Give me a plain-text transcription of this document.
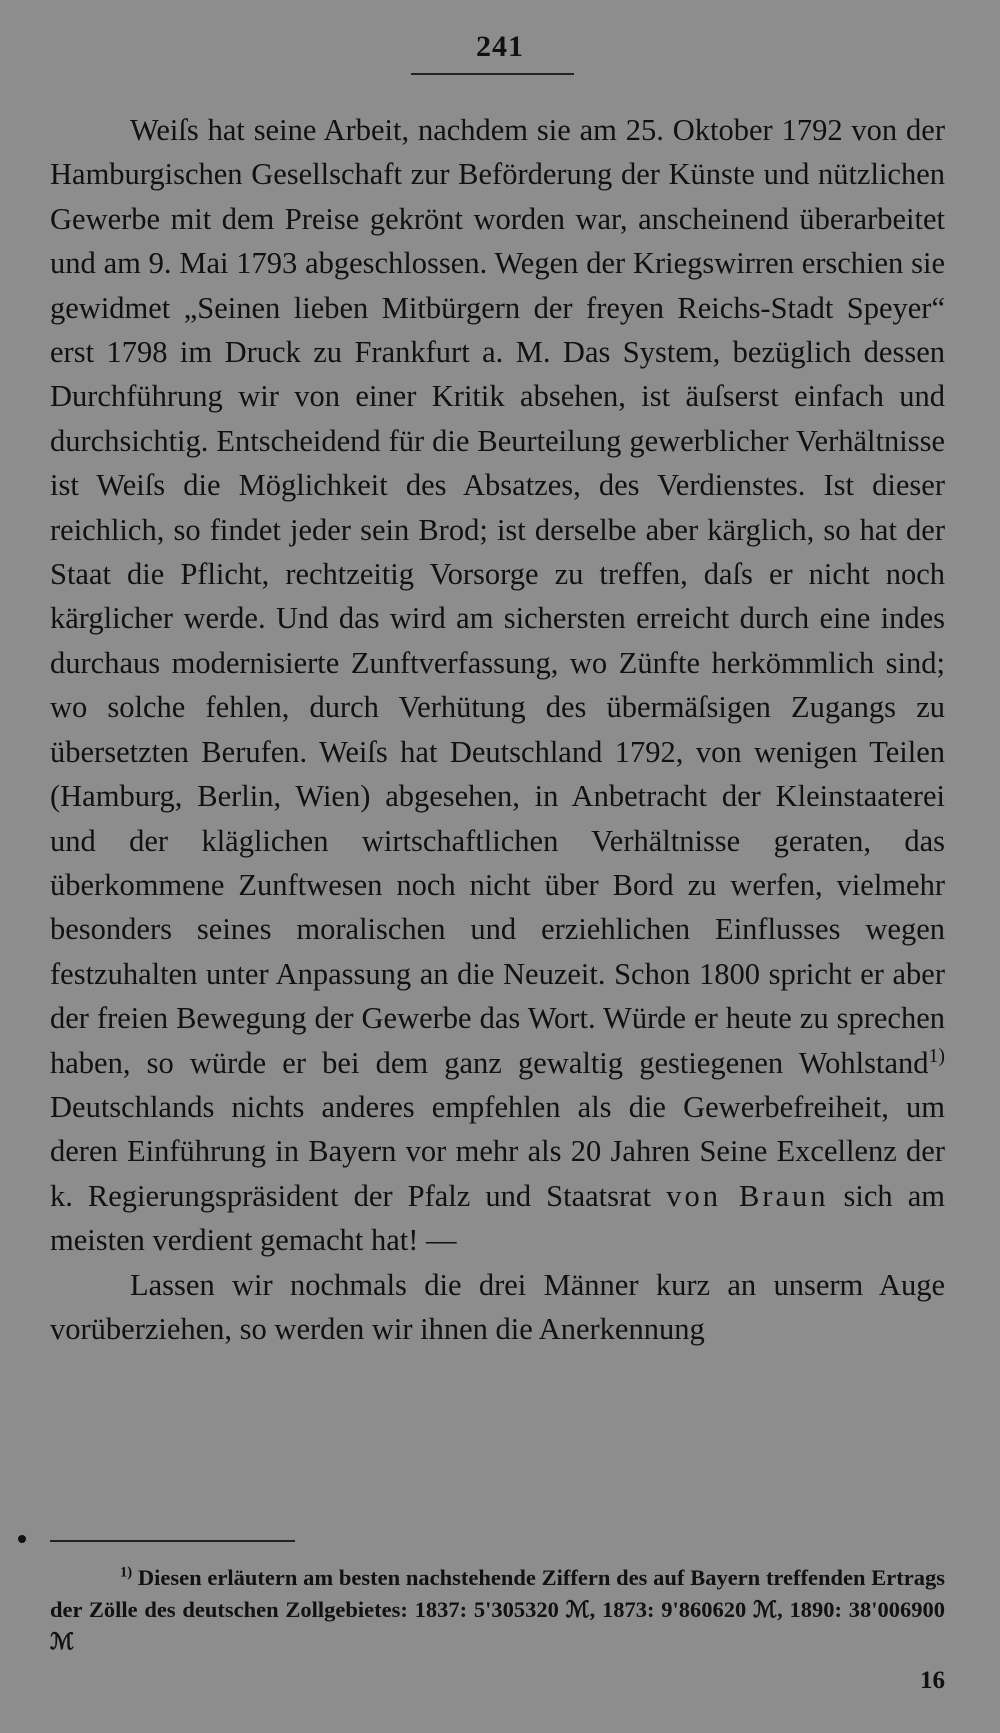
241

Weiſs hat seine Arbeit, nachdem sie am 25. Oktober 1792 von der Hamburgischen Gesellschaft zur Beförderung der Künste und nützlichen Gewerbe mit dem Preise gekrönt worden war, anscheinend überarbeitet und am 9. Mai 1793 abgeschlossen. Wegen der Kriegswirren erschien sie gewidmet „Seinen lieben Mitbürgern der freyen Reichs-Stadt Speyer“ erst 1798 im Druck zu Frankfurt a. M. Das System, bezüglich dessen Durchführung wir von einer Kritik absehen, ist äuſserst einfach und durchsichtig. Entscheidend für die Beurteilung gewerblicher Verhältnisse ist Weiſs die Möglichkeit des Absatzes, des Verdienstes. Ist dieser reichlich, so findet jeder sein Brod; ist derselbe aber kärglich, so hat der Staat die Pflicht, rechtzeitig Vorsorge zu treffen, daſs er nicht noch kärglicher werde. Und das wird am sichersten erreicht durch eine indes durchaus modernisierte Zunftverfassung, wo Zünfte herkömmlich sind; wo solche fehlen, durch Verhütung des übermäſsigen Zugangs zu übersetzten Berufen. Weiſs hat Deutschland 1792, von wenigen Teilen (Hamburg, Berlin, Wien) abgesehen, in Anbetracht der Kleinstaaterei und der kläglichen wirtschaftlichen Verhältnisse geraten, das überkommene Zunftwesen noch nicht über Bord zu werfen, vielmehr besonders seines moralischen und erziehlichen Einflusses wegen festzuhalten unter Anpassung an die Neuzeit. Schon 1800 spricht er aber der freien Bewegung der Gewerbe das Wort. Würde er heute zu sprechen haben, so würde er bei dem ganz gewaltig gestiegenen Wohlstand$^{1)}$ Deutschlands nichts anderes empfehlen als die Gewerbefreiheit, um deren Einführung in Bayern vor mehr als 20 Jahren Seine Excellenz der k. Regierungspräsident der Pfalz und Staatsrat von Braun sich am meisten verdient gemacht hat! —

Lassen wir nochmals die drei Männer kurz an unserm Auge vorüberziehen, so werden wir ihnen die Anerkennung

$^{1)}$ Diesen erläutern am besten nachstehende Ziffern des auf Bayern treffenden Ertrags der Zölle des deutschen Zollgebietes: 1837: 5'305320 ℳ, 1873: 9'860620 ℳ, 1890: 38'006900 ℳ

16
